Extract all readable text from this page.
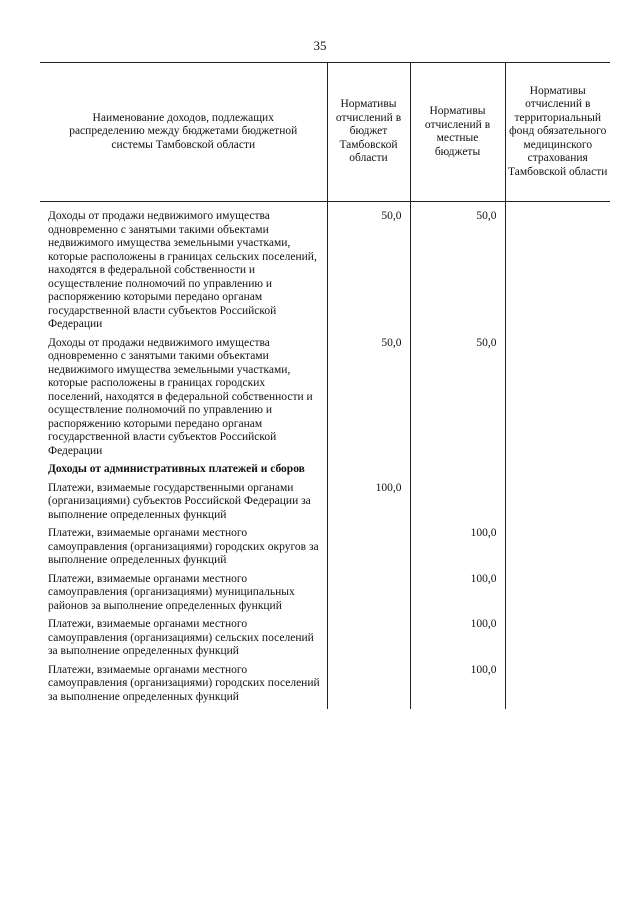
35
Наименование доходов, подлежащих распределению между бюджетами бюджетной системы Тамбовской области	Нормативы отчислений в бюджет Тамбовской области	Нормативы отчислений в местные бюджеты	Нормативы отчислений в территориальный фонд обязательного медицинского страхования Тамбовской области

Доходы от продажи недвижимого имущества одновременно с занятыми такими объектами недвижимого имущества земельными участками, которые расположены в границах сельских поселений, находятся в федеральной собственности и осуществление полномочий по управлению и распоряжению которыми передано органам государственной власти субъектов Российской Федерации	50,0	50,0	
Доходы от продажи недвижимого имущества одновременно с занятыми такими объектами недвижимого имущества земельными участками, которые расположены в границах городских поселений, находятся в федеральной собственности и осуществление полномочий по управлению и распоряжению которыми передано органам государственной власти субъектов Российской Федерации	50,0	50,0	
Доходы от административных платежей и сборов			
Платежи, взимаемые государственными органами (организациями) субъектов Российской Федерации за выполнение определенных функций	100,0		
Платежи, взимаемые органами местного самоуправления (организациями) городских округов за выполнение определенных функций		100,0	
Платежи, взимаемые органами местного самоуправления (организациями) муниципальных районов за выполнение определенных функций		100,0	
Платежи, взимаемые органами местного самоуправления (организациями) сельских поселений за выполнение определенных функций		100,0	
Платежи, взимаемые органами местного самоуправления (организациями) городских поселений за выполнение определенных функций		100,0	
